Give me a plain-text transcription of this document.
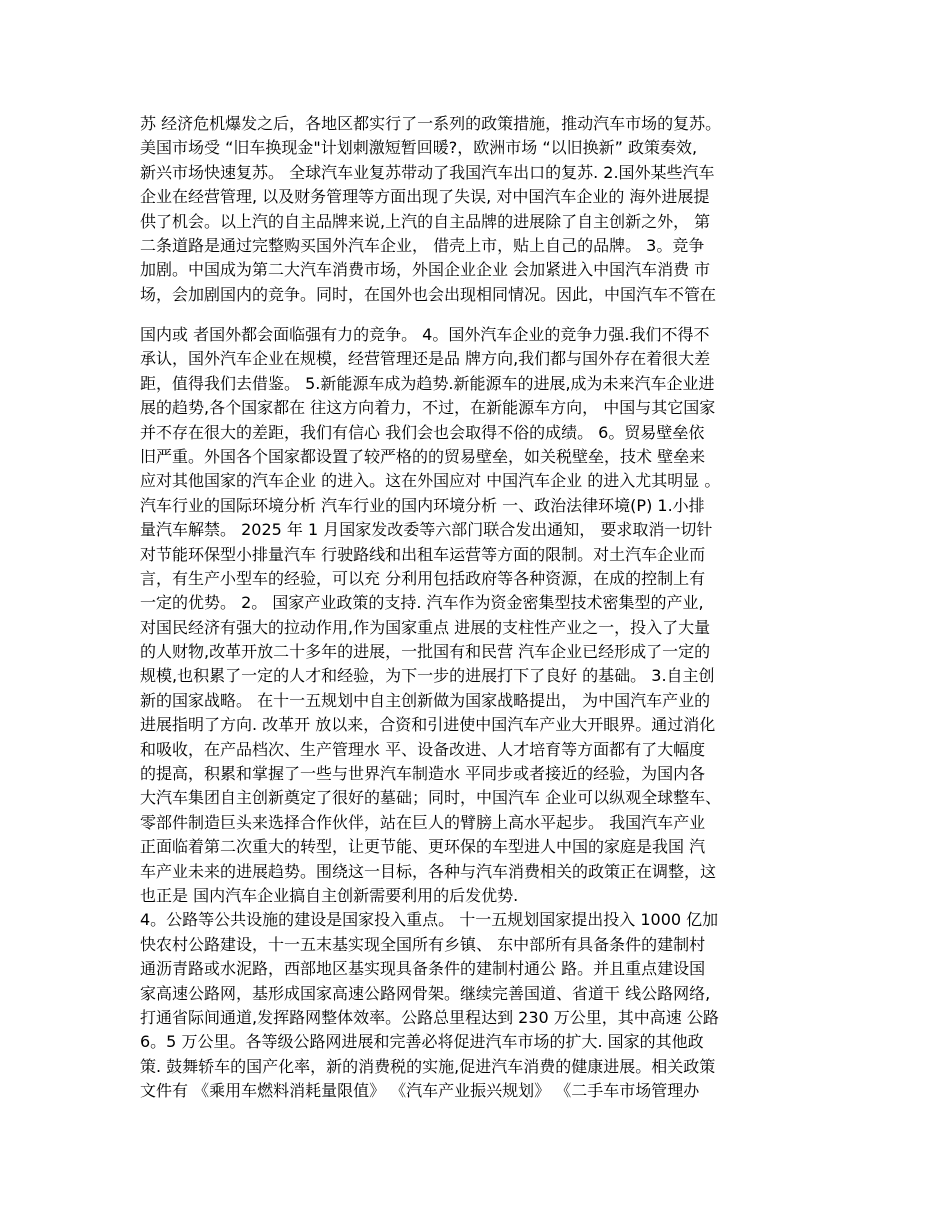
苏 经济危机爆发之后，各地区都实行了一系列的政策措施，推动汽车市场的复苏。
美国市场受 “旧车换现金"计划刺激短暂回暖?，欧洲市场 “以旧换新” 政策奏效,
新兴市场快速复苏。 全球汽车业复苏带动了我国汽车出口的复苏. 2.国外某些汽车
企业在经营管理, 以及财务管理等方面出现了失误, 对中国汽车企业的 海外进展提
供了机会。以上汽的自主品牌来说,上汽的自主品牌的进展除了自主创新之外， 第
二条道路是通过完整购买国外汽车企业， 借壳上市，贴上自己的品牌。 3。竞争
加剧。中国成为第二大汽车消费市场，外国企业企业 会加紧进入中国汽车消费 市
场，会加剧国内的竞争。同时，在国外也会出现相同情况。因此，中国汽车不管在
国内或 者国外都会面临强有力的竞争。 4。国外汽车企业的竞争力强.我们不得不
承认，国外汽车企业在规模，经营管理还是品 牌方向,我们都与国外存在着很大差
距，值得我们去借鉴。 5.新能源车成为趋势.新能源车的进展,成为未来汽车企业进
展的趋势,各个国家都在 往这方向着力，不过，在新能源车方向， 中国与其它国家
并不存在很大的差距，我们有信心 我们会也会取得不俗的成绩。 6。贸易壁垒依
旧严重。外国各个国家都设置了较严格的的贸易壁垒，如关税壁垒，技术 壁垒来
应对其他国家的汽车企业 的进入。这在外国应对 中国汽车企业 的进入尤其明显 。
汽车行业的国际环境分析 汽车行业的国内环境分析 一、政治法律环境(P) 1.小排
量汽车解禁。 2025 年 1 月国家发改委等六部门联合发出通知， 要求取消一切针
对节能环保型小排量汽车 行驶路线和出租车运营等方面的限制。对土汽车企业而
言，有生产小型车的经验，可以充 分利用包括政府等各种资源，在成的控制上有
一定的优势。 2。 国家产业政策的支持. 汽车作为资金密集型技术密集型的产业,
对国民经济有强大的拉动作用,作为国家重点 进展的支柱性产业之一，投入了大量
的人财物,改革开放二十多年的进展，一批国有和民营 汽车企业已经形成了一定的
规模,也积累了一定的人才和经验，为下一步的进展打下了良好 的基础。 3.自主创
新的国家战略。 在十一五规划中自主创新做为国家战略提出， 为中国汽车产业的
进展指明了方向. 改革开 放以来，合资和引进使中国汽车产业大开眼界。通过消化
和吸收，在产品档次、生产管理水 平、设备改进、人才培育等方面都有了大幅度
的提高，积累和掌握了一些与世界汽车制造水 平同步或者接近的经验，为国内各
大汽车集团自主创新奠定了很好的墓础；同时，中国汽车 企业可以纵观全球整车、
零部件制造巨头来选择合作伙伴，站在巨人的臂膀上高水平起步。 我国汽车产业
正面临着第二次重大的转型，让更节能、更环保的车型进人中国的家庭是我国 汽
车产业未来的进展趋势。围绕这一目标，各种与汽车消费相关的政策正在调整，这
也正是 国内汽车企业搞自主创新需要利用的后发优势.
4。公路等公共设施的建设是国家投入重点。 十一五规划国家提出投入 1000 亿加
快农村公路建设，十一五末基实现全国所有乡镇、 东中部所有具备条件的建制村
通沥青路或水泥路，西部地区基实现具备条件的建制村通公 路。并且重点建设国
家高速公路网，基形成国家高速公路网骨架。继续完善国道、省道干 线公路网络,
打通省际间通道,发挥路网整体效率。公路总里程达到 230 万公里，其中高速 公路
6。5 万公里。各等级公路网进展和完善必将促进汽车市场的扩大. 国家的其他政
策. 鼓舞轿车的国产化率，新的消费税的实施,促进汽车消费的健康进展。相关政策
文件有 《乘用车燃料消耗量限值》 《汽车产业振兴规划》 《二手车市场管理办
